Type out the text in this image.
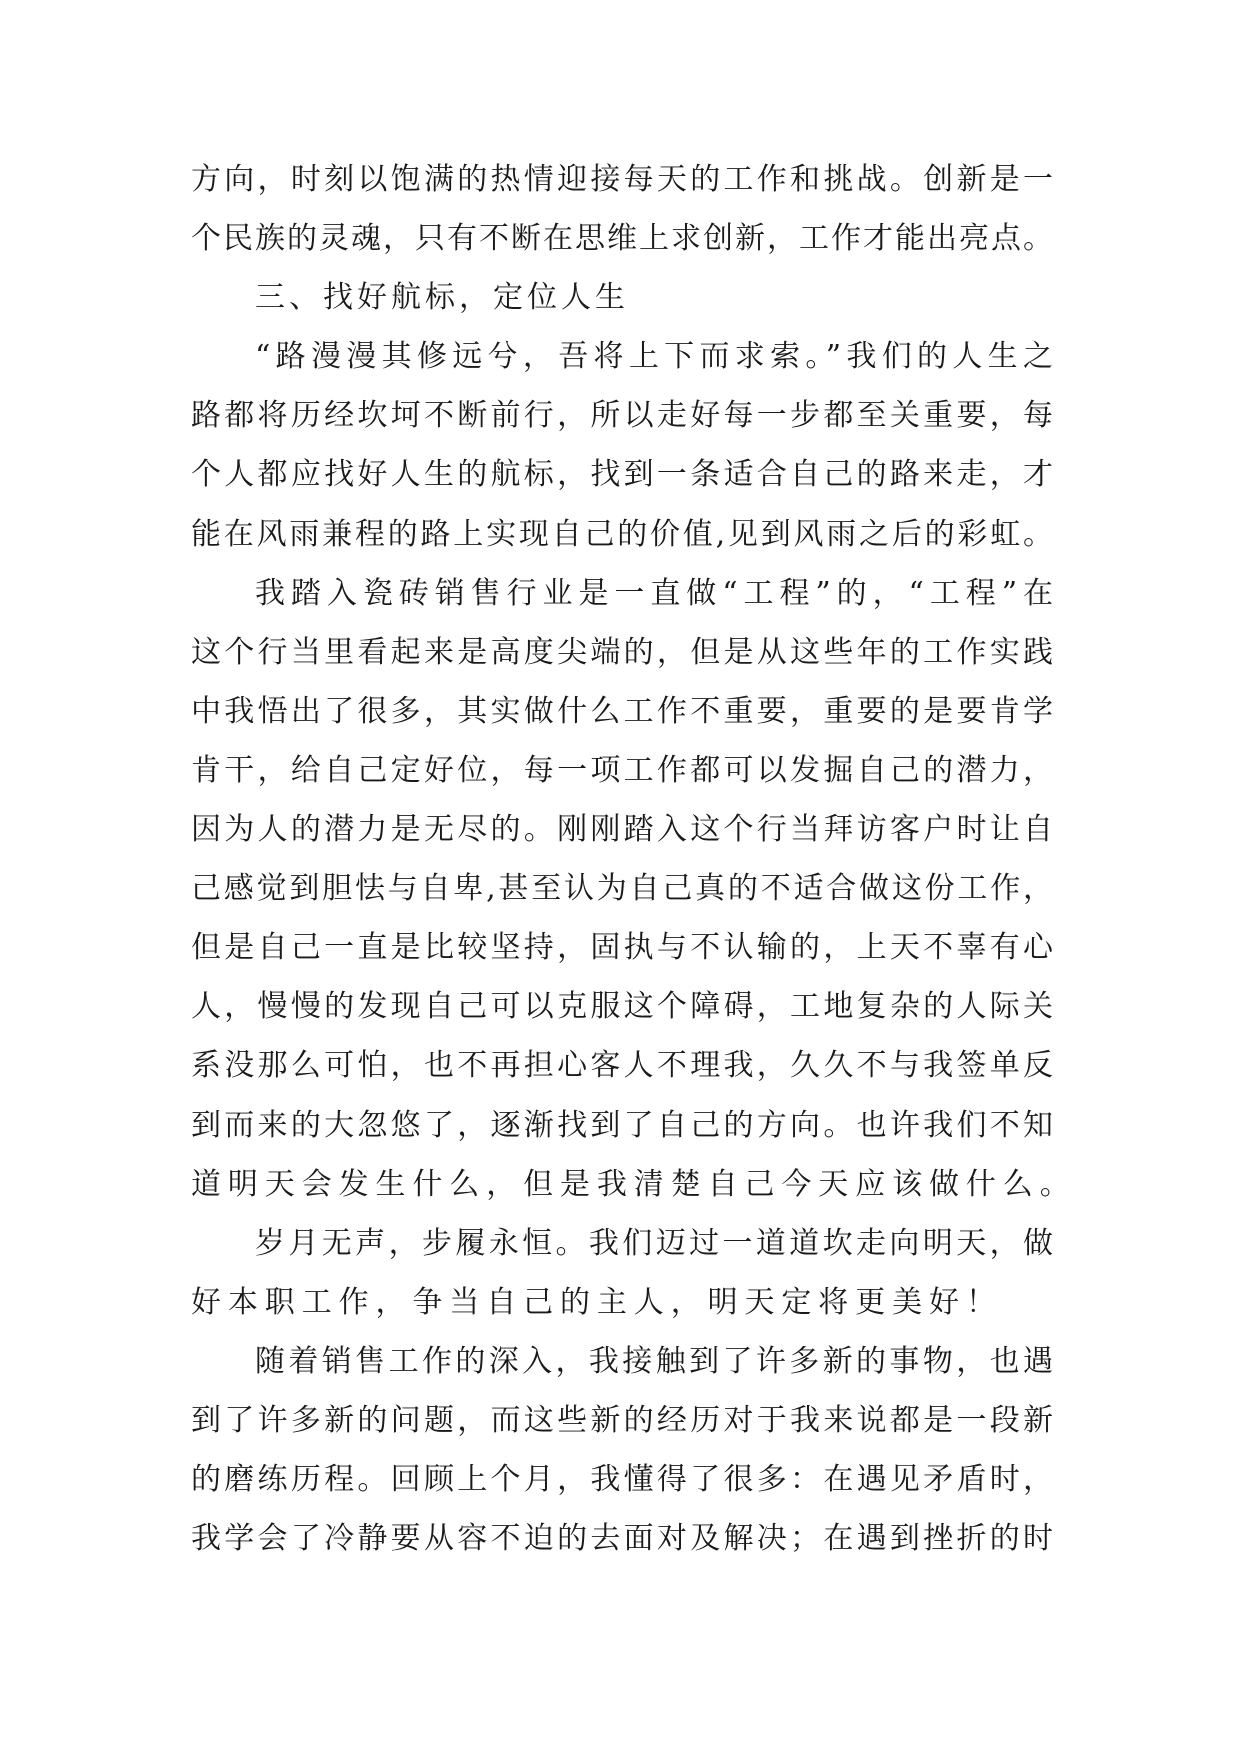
方向，时刻以饱满的热情迎接每天的工作和挑战。创新是一
个民族的灵魂，只有不断在思维上求创新，工作才能出亮点。
三、找好航标，定位人生
“路漫漫其修远兮，吾将上下而求索。”我们的人生之
路都将历经坎坷不断前行，所以走好每一步都至关重要，每
个人都应找好人生的航标，找到一条适合自己的路来走，才
能在风雨兼程的路上实现自己的价值,见到风雨之后的彩虹。
我踏入瓷砖销售行业是一直做“工程”的，“工程”在
这个行当里看起来是高度尖端的，但是从这些年的工作实践
中我悟出了很多，其实做什么工作不重要，重要的是要肯学
肯干，给自己定好位，每一项工作都可以发掘自己的潜力，
因为人的潜力是无尽的。刚刚踏入这个行当拜访客户时让自
己感觉到胆怯与自卑,甚至认为自己真的不适合做这份工作，
但是自己一直是比较坚持，固执与不认输的，上天不辜有心
人，慢慢的发现自己可以克服这个障碍，工地复杂的人际关
系没那么可怕，也不再担心客人不理我，久久不与我签单反
到而来的大忽悠了，逐渐找到了自己的方向。也许我们不知
道明天会发生什么，但是我清楚自己今天应该做什么。
岁月无声，步履永恒。我们迈过一道道坎走向明天，做
好本职工作，争当自己的主人，明天定将更美好！
随着销售工作的深入，我接触到了许多新的事物，也遇
到了许多新的问题，而这些新的经历对于我来说都是一段新
的磨练历程。回顾上个月，我懂得了很多：在遇见矛盾时，
我学会了冷静要从容不迫的去面对及解决；在遇到挫折的时
